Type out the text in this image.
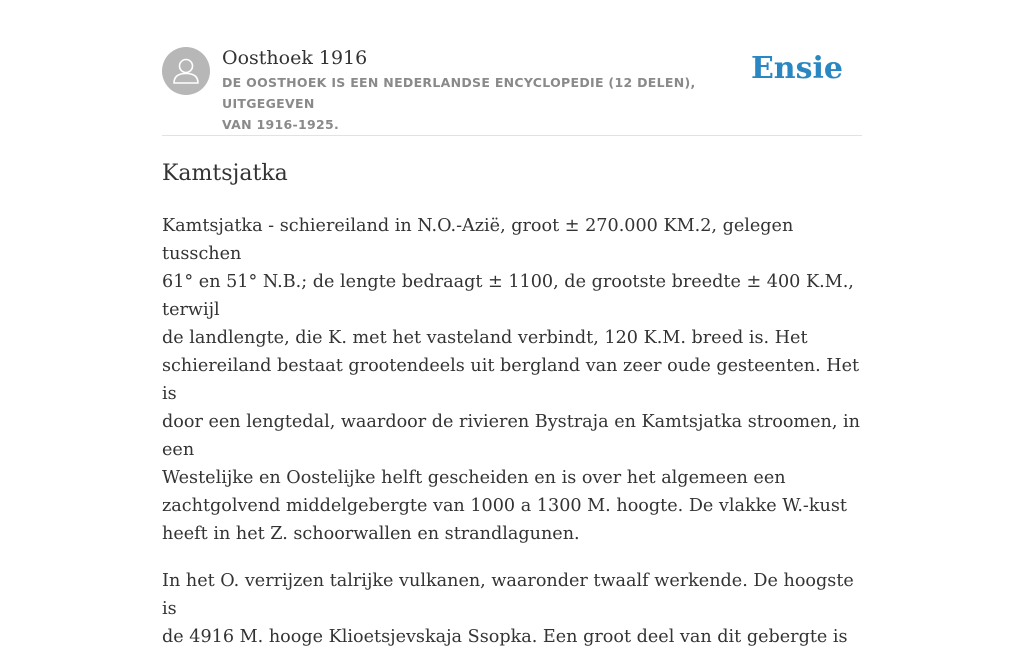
Oosthoek 1916
DE OOSTHOEK IS EEN NEDERLANDSE ENCYCLOPEDIE (12 DELEN), UITGEGEVEN
VAN 1916-1925.
Ensie
Kamtsjatka

Kamtsjatka - schiereiland in N.O.-Azië, groot ± 270.000 KM.2, gelegen tusschen
61° en 51° N.B.; de lengte bedraagt ± 1100, de grootste breedte ± 400 K.M., terwijl
de landlengte, die K. met het vasteland verbindt, 120 K.M. breed is. Het
schiereiland bestaat grootendeels uit bergland van zeer oude gesteenten. Het is
door een lengtedal, waardoor de rivieren Bystraja en Kamtsjatka stroomen, in een
Westelijke en Oostelijke helft gescheiden en is over het algemeen een
zachtgolvend middelgebergte van 1000 a 1300 M. hoogte. De vlakke W.-kust
heeft in het Z. schoorwallen en strandlagunen.

In het O. verrijzen talrijke vulkanen, waaronder twaalf werkende. De hoogste is
de 4916 M. hooge Klioetsjevskaja Ssopka. Een groot deel van dit gebergte is
